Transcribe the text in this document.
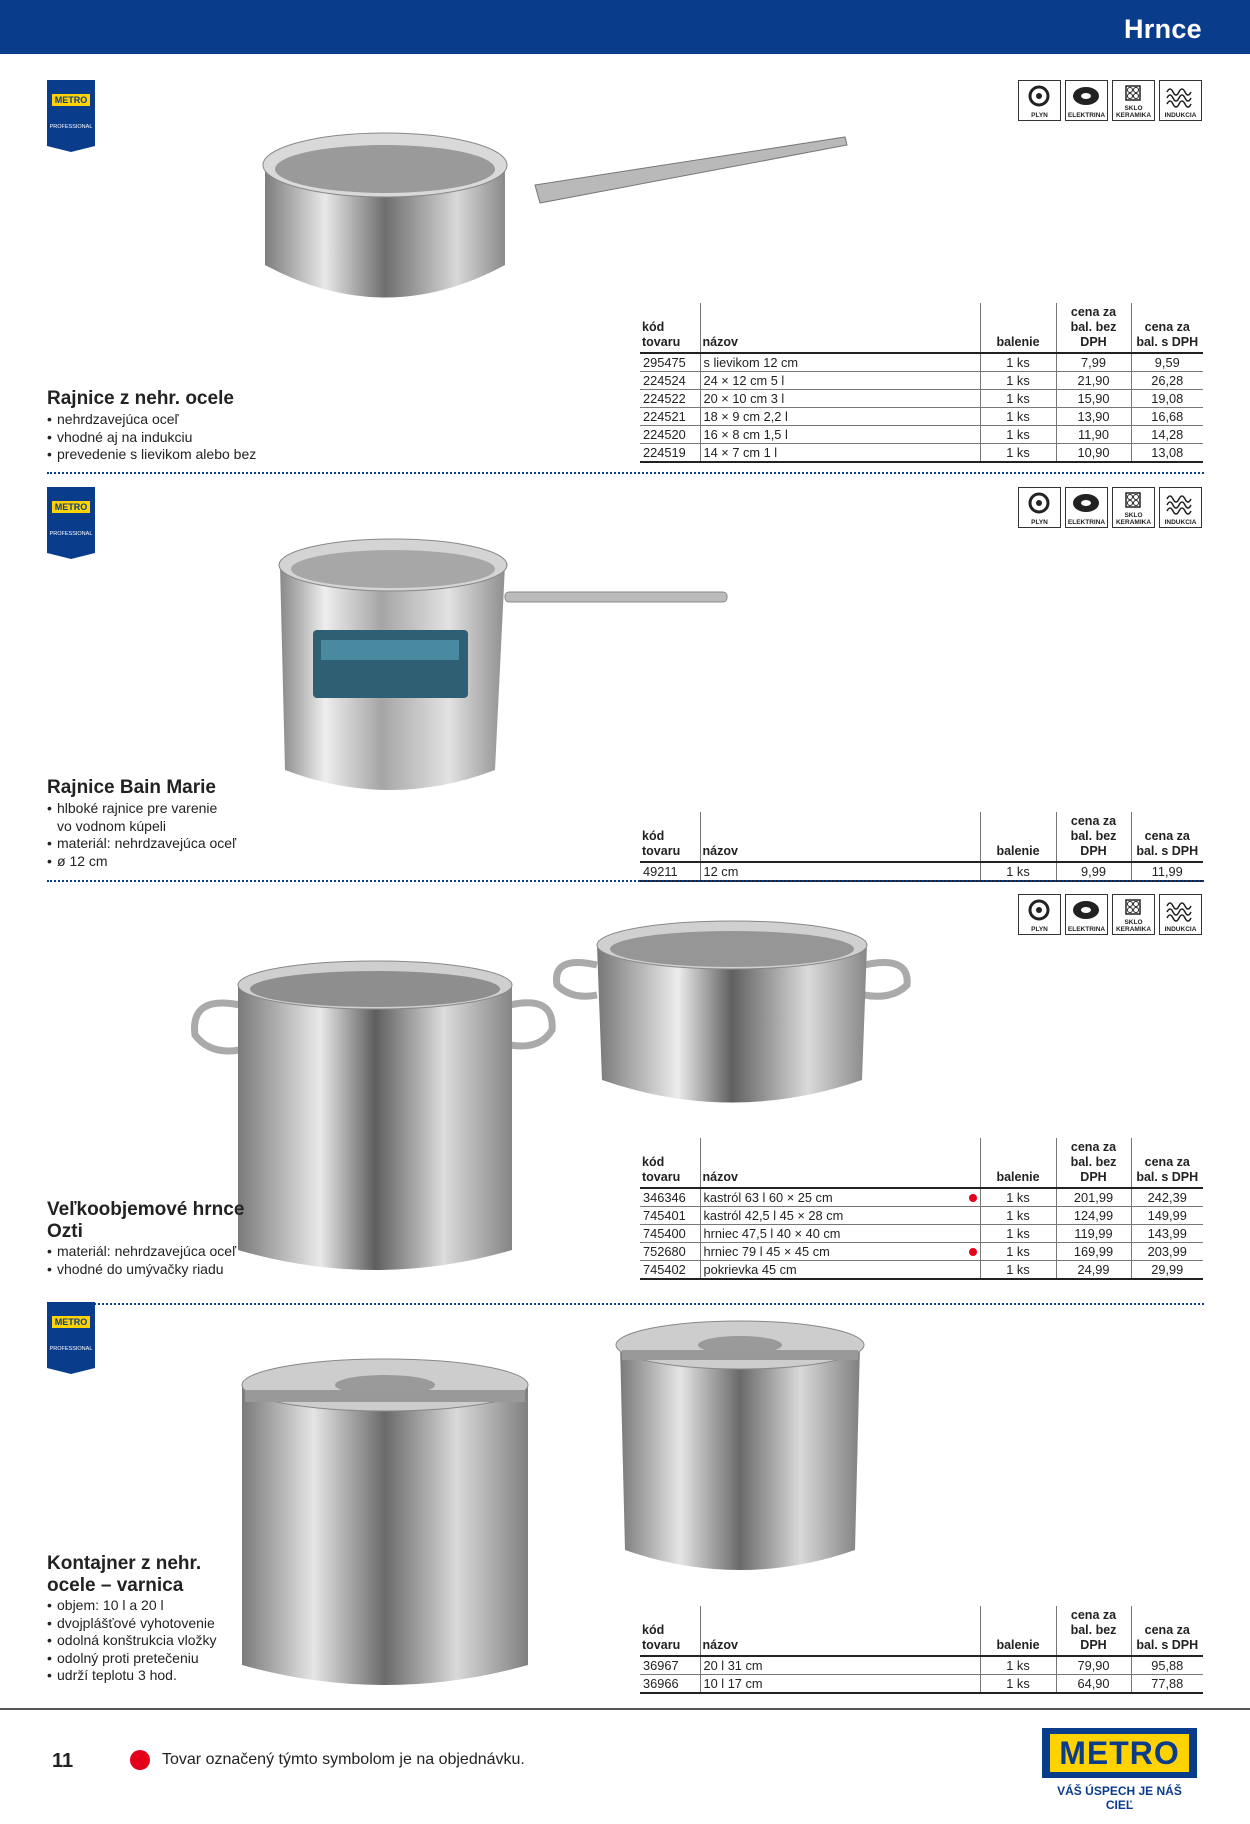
Hrnce
METRO
PROFESSIONAL
PLYN	ELEKTRINA
SKLO KERAMIKA	INDUKCIA
Rajnice z nehr. ocele
• nehrdzavejúca oceľ
• vhodné aj na indukciu
• prevedenie s lievikom alebo bez
kód tovaru	názov	balenie	cena za bal. bez DPH	cena za bal. s DPH
295475	s lievikom 12 cm	1 ks	7,99	9,59
224524	24 × 12 cm 5 l	1 ks	21,90	26,28
224522	20 × 10 cm 3 l	1 ks	15,90	19,08
224521	18 × 9 cm 2,2 l	1 ks	13,90	16,68
224520	16 × 8 cm 1,5 l	1 ks	11,90	14,28
224519	14 × 7 cm 1 l	1 ks	10,90	13,08
METRO
PROFESSIONAL
PLYN	ELEKTRINA
SKLO KERAMIKA	INDUKCIA
Rajnice Bain Marie
• hlboké rajnice pre varenie
vo vodnom kúpeli
• materiál: nehrdzavejúca oceľ
• ø 12 cm
kód tovaru	názov	balenie	cena za bal. bez DPH	cena za bal. s DPH
49211	12 cm	1 ks	9,99	11,99
PLYN	ELEKTRINA
SKLO KERAMIKA	INDUKCIA
Veľkoobjemové hrnce Ozti
• materiál: nehrdzavejúca oceľ
• vhodné do umývačky riadu
kód tovaru	názov	balenie	cena za bal. bez DPH	cena za bal. s DPH
346346	kastról 63 l 60 × 25 cm	1 ks	201,99	242,39
745401	kastról 42,5 l 45 × 28 cm	1 ks	124,99	149,99
745400	hrniec 47,5 l 40 × 40 cm	1 ks	119,99	143,99
752680	hrniec 79 l 45 × 45 cm	1 ks	169,99	203,99
745402	pokrievka 45 cm	1 ks	24,99	29,99
METRO
PROFESSIONAL
Kontajner z nehr. ocele – varnica
• objem: 10 l a 20 l
• dvojplášťové vyhotovenie
• odolná konštrukcia vložky
• odolný proti pretečeniu
• udrží teplotu 3 hod.
kód tovaru	názov	balenie	cena za bal. bez DPH	cena za bal. s DPH
36967	20 l 31 cm	1 ks	79,90	95,88
36966	10 l 17 cm	1 ks	64,90	77,88
11	Tovar označený týmto symbolom je na objednávku.	METRO
VÁŠ ÚSPECH JE NÁŠ CIEĽ
